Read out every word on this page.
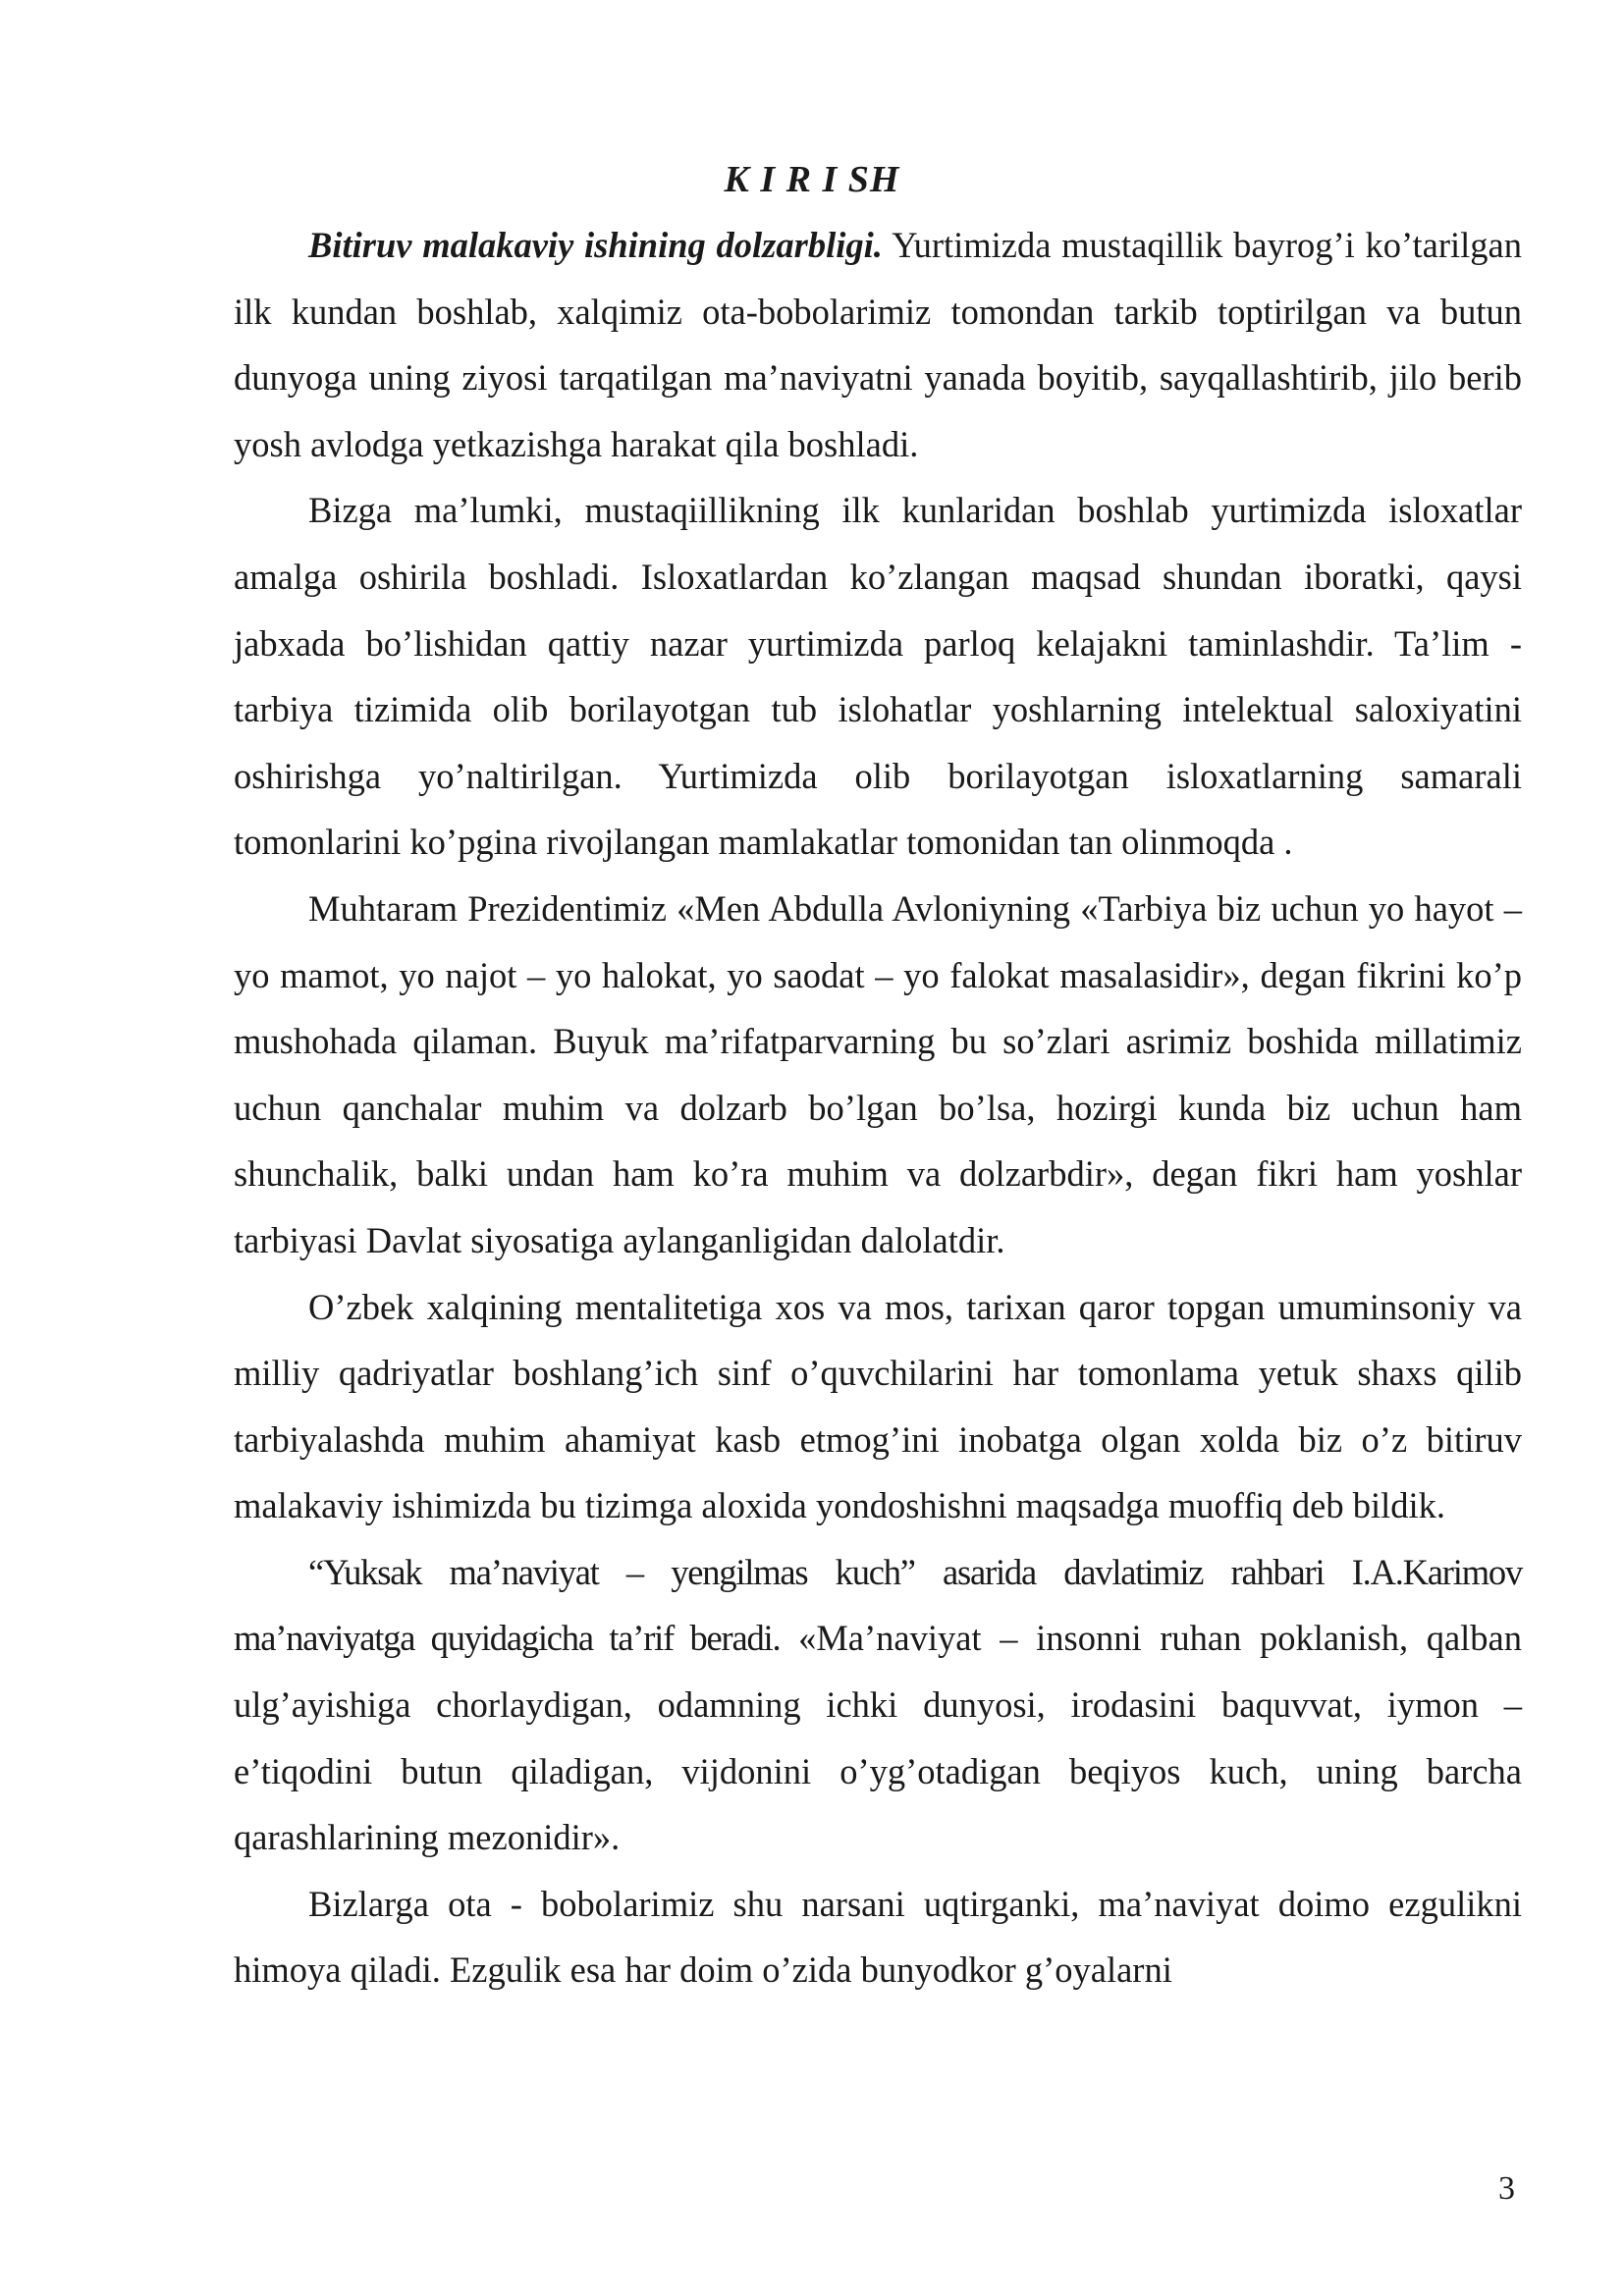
K I R I SH

Bitiruv malakaviy ishining dolzarbligi. Yurtimizda mustaqillik bayrog’i ko’tarilgan ilk kundan boshlab, xalqimiz ota-bobolarimiz tomondan tarkib toptirilgan va butun dunyoga uning ziyosi tarqatilgan ma’naviyatni yanada boyitib, sayqallashtirib, jilo berib yosh avlodga yetkazishga harakat qila boshladi.

Bizga ma’lumki, mustaqiillikning ilk kunlaridan boshlab yurtimizda isloxatlar amalga oshirila boshladi. Isloxatlardan ko’zlangan maqsad shundan iboratki, qaysi jabxada bo’lishidan qattiy nazar yurtimizda parloq kelajakni taminlashdir. Ta’lim - tarbiya tizimida olib borilayotgan tub islohatlar yoshlarning intelektual saloxiyatini oshirishga yo’naltirilgan. Yurtimizda olib borilayotgan isloxatlarning samarali tomonlarini ko’pgina rivojlangan mamlakatlar tomonidan tan olinmoqda .

Muhtaram Prezidentimiz «Men Abdulla Avloniyning «Tarbiya biz uchun yo hayot – yo mamot, yo najot – yo halokat, yo saodat – yo falokat masalasidir», degan fikrini ko’p mushohada qilaman. Buyuk ma’rifatparvarning bu so’zlari asrimiz boshida millatimiz uchun qanchalar muhim va dolzarb bo’lgan bo’lsa, hozirgi kunda biz uchun ham shunchalik, balki undan ham ko’ra muhim va dolzarbdir», degan fikri ham yoshlar tarbiyasi Davlat siyosatiga aylanganligidan dalolatdir.

O’zbek xalqining mentalitetiga xos va mos, tarixan qaror topgan umuminsoniy va milliy qadriyatlar boshlang’ich sinf o’quvchilarini har tomonlama yetuk shaxs qilib tarbiyalashda muhim ahamiyat kasb etmog’ini inobatga olgan xolda biz o’z bitiruv malakaviy ishimizda bu tizimga aloxida yondoshishni maqsadga muoffiq deb bildik.

“Yuksak ma’naviyat – yengilmas kuch” asarida davlatimiz rahbari I.A.Karimov ma’naviyatga quyidagicha ta’rif beradi. «Ma’naviyat – insonni ruhan poklanish, qalban ulg’ayishiga chorlaydigan, odamning ichki dunyosi, irodasini baquvvat, iymon – e’tiqodini butun qiladigan, vijdonini o’yg’otadigan beqiyos kuch, uning barcha qarashlarining mezonidir».

Bizlarga ota - bobolarimiz shu narsani uqtirganki, ma’naviyat doimo ezgulikni himoya qiladi. Ezgulik esa har doim o’zida bunyodkor g’oyalarni

3
